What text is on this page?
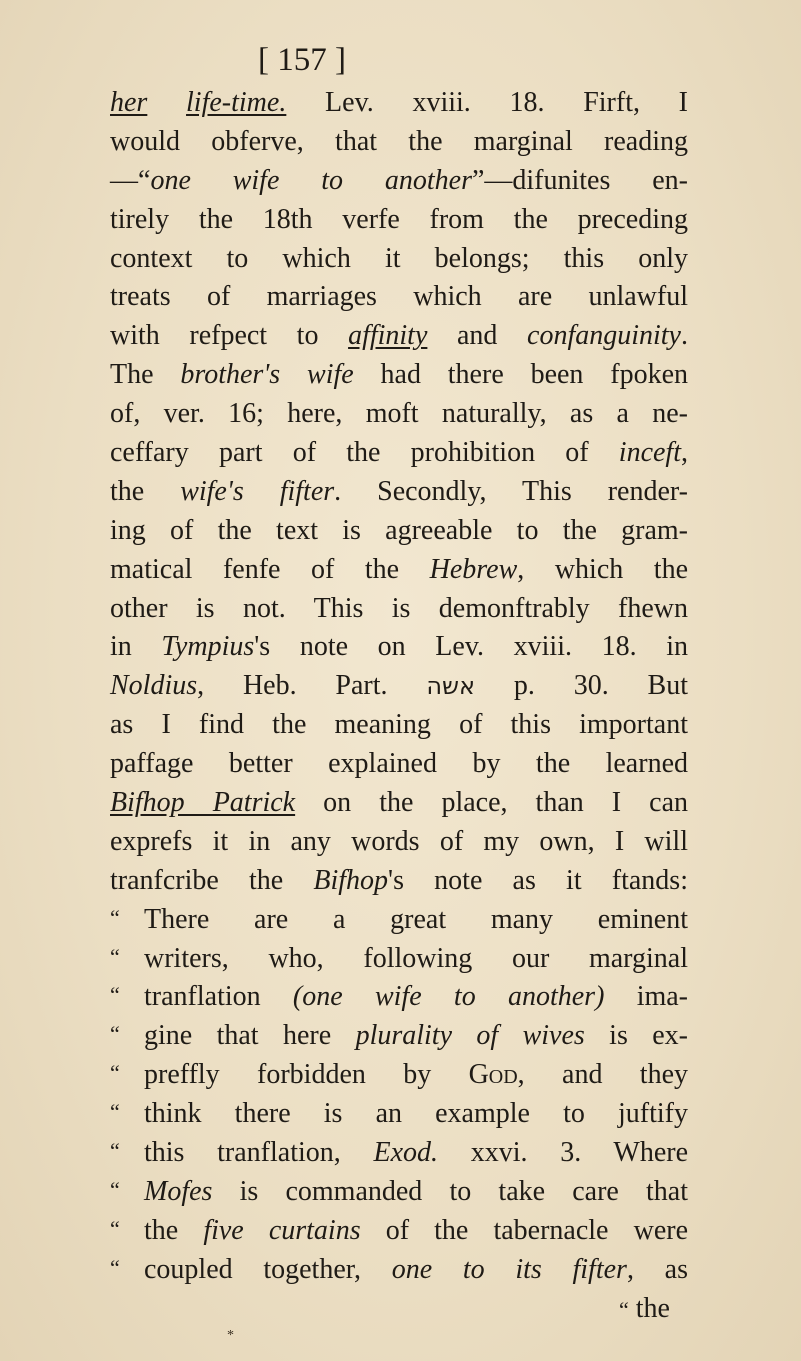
[ 157 ]
her life-time. Lev. xviii. 18. Firft, I
would obferve, that the marginal reading
—“one wife to another”—difunites en-
tirely the 18th verfe from the preceding
context to which it belongs; this only
treats of marriages which are unlawful
with refpect to affinity and confanguinity.
The brother's wife had there been fpoken
of, ver. 16; here, moft naturally, as a ne-
ceffary part of the prohibition of inceft,
the wife's fifter. Secondly, This render-
ing of the text is agreeable to the gram-
matical fenfe of the Hebrew, which the
other is not. This is demonftrably fhewn
in Tympius's note on Lev. xviii. 18. in
Noldius, Heb. Part. אשה p. 30. But
as I find the meaning of this important
paffage better explained by the learned
Bifhop Patrick on the place, than I can
exprefs it in any words of my own, I will
tranfcribe the Bifhop's note as it ftands:
“ There are a great many eminent
“ writers, who, following our marginal
“ tranflation (one wife to another) ima-
“ gine that here plurality of wives is ex-
“ preffly forbidden by God, and they
“ think there is an example to juftify
“ this tranflation, Exod. xxvi. 3. Where
“ Mofes is commanded to take care that
“ the five curtains of the tabernacle were
“ coupled together, one to its fifter, as
“ the
*
